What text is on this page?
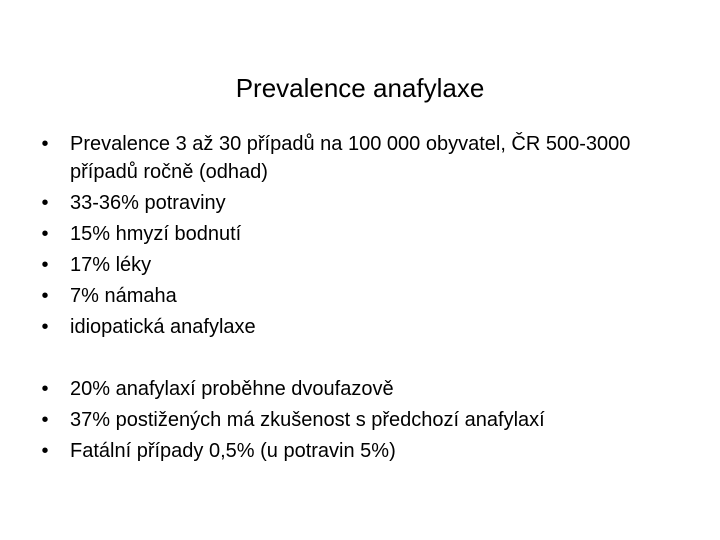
Prevalence anafylaxe
• Prevalence 3 až 30 případů na 100 000 obyvatel, ČR 500-3000 případů ročně (odhad)
• 33-36% potraviny
• 15% hmyzí bodnutí
• 17% léky
• 7% námaha
• idiopatická anafylaxe
• 20% anafylaxí proběhne dvoufazově
• 37% postižených má zkušenost s předchozí anafylaxí
• Fatální případy 0,5% (u potravin 5%)
